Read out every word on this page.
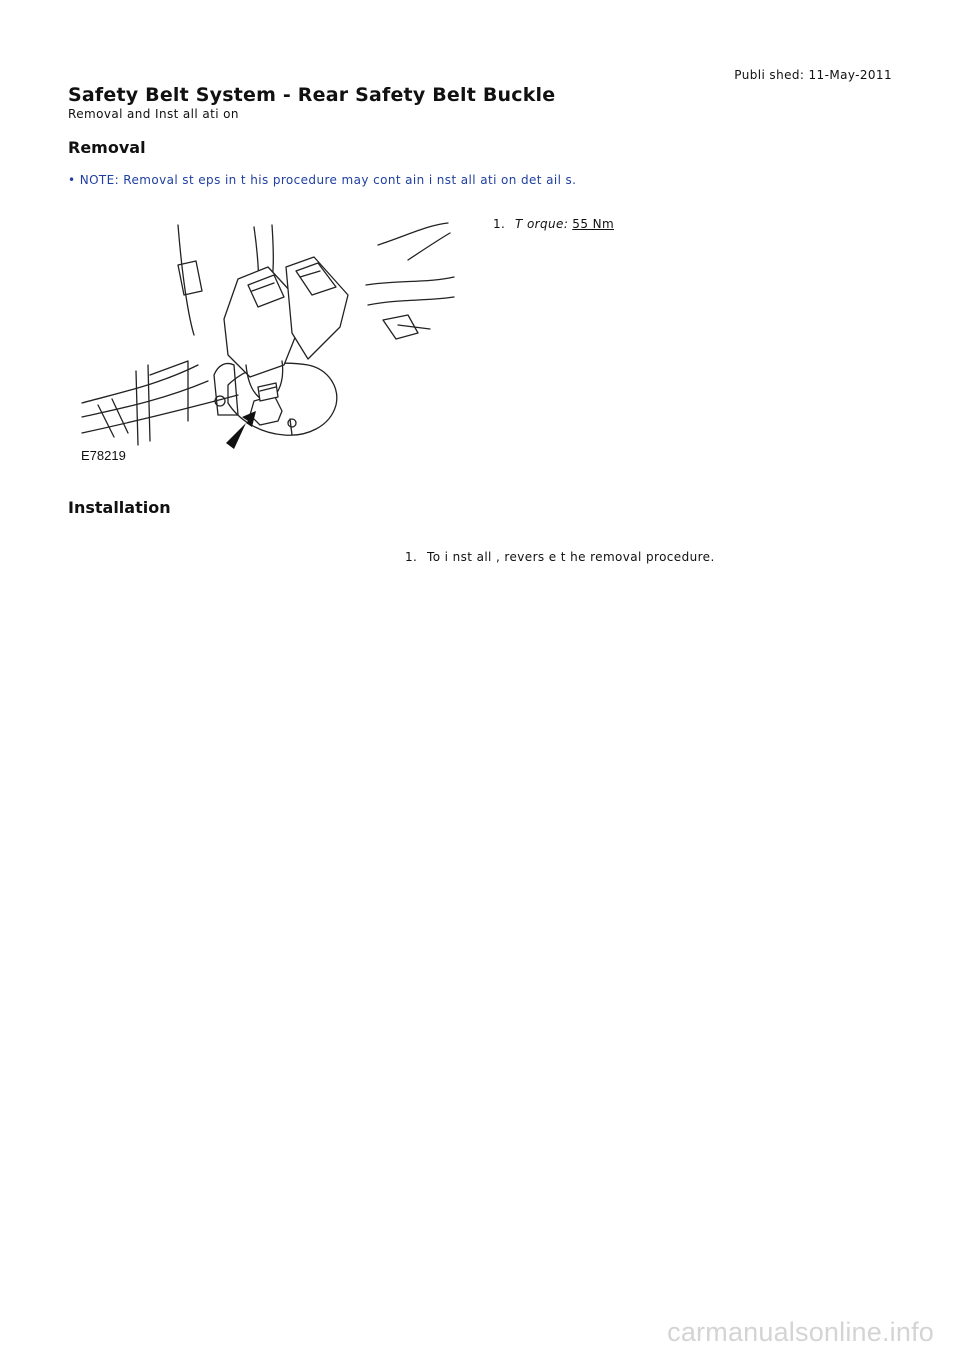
Publi shed: 11-May-2011
Safety Belt System - Rear Safety Belt Buckle
Removal and Inst all ati on
Removal
• NOTE: Removal st eps in t his procedure may cont ain i nst all ati on det ail s.
E78219
1. T orque: 55 Nm
Installation
1. To i nst all , revers e t he removal procedure.
carmanualsonline.info
